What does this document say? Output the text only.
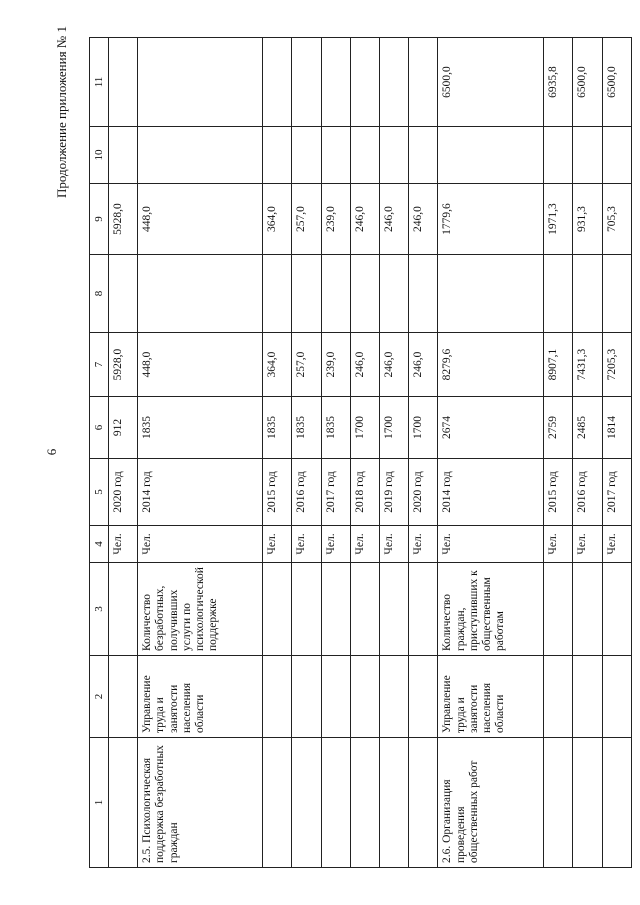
6
Продолжение приложения № 1
1	2	3	4	5	6	7	8	9	10	11
			Чел.	2020 год	912	5928,0		5928,0		
2.5. Психологическая поддержка безработных граждан	Управление труда и занятости населения области	Количество безработных, получивших услуги по психологической поддержке	Чел.	2014 год	1835	448,0		448,0		
			Чел.	2015 год	1835	364,0		364,0		
			Чел.	2016 год	1835	257,0		257,0		
			Чел.	2017 год	1835	239,0		239,0		
			Чел.	2018 год	1700	246,0		246,0		
			Чел.	2019 год	1700	246,0		246,0		
			Чел.	2020 год	1700	246,0		246,0		
2.6. Организация проведения общественных работ	Управление труда и занятости населения области	Количество граждан, приступивших к общественным работам	Чел.	2014 год	2674	8279,6		1779,6		6500,0
			Чел.	2015 год	2759	8907,1		1971,3		6935,8
			Чел.	2016 год	2485	7431,3		931,3		6500,0
			Чел.	2017 год	1814	7205,3		705,3		6500,0
